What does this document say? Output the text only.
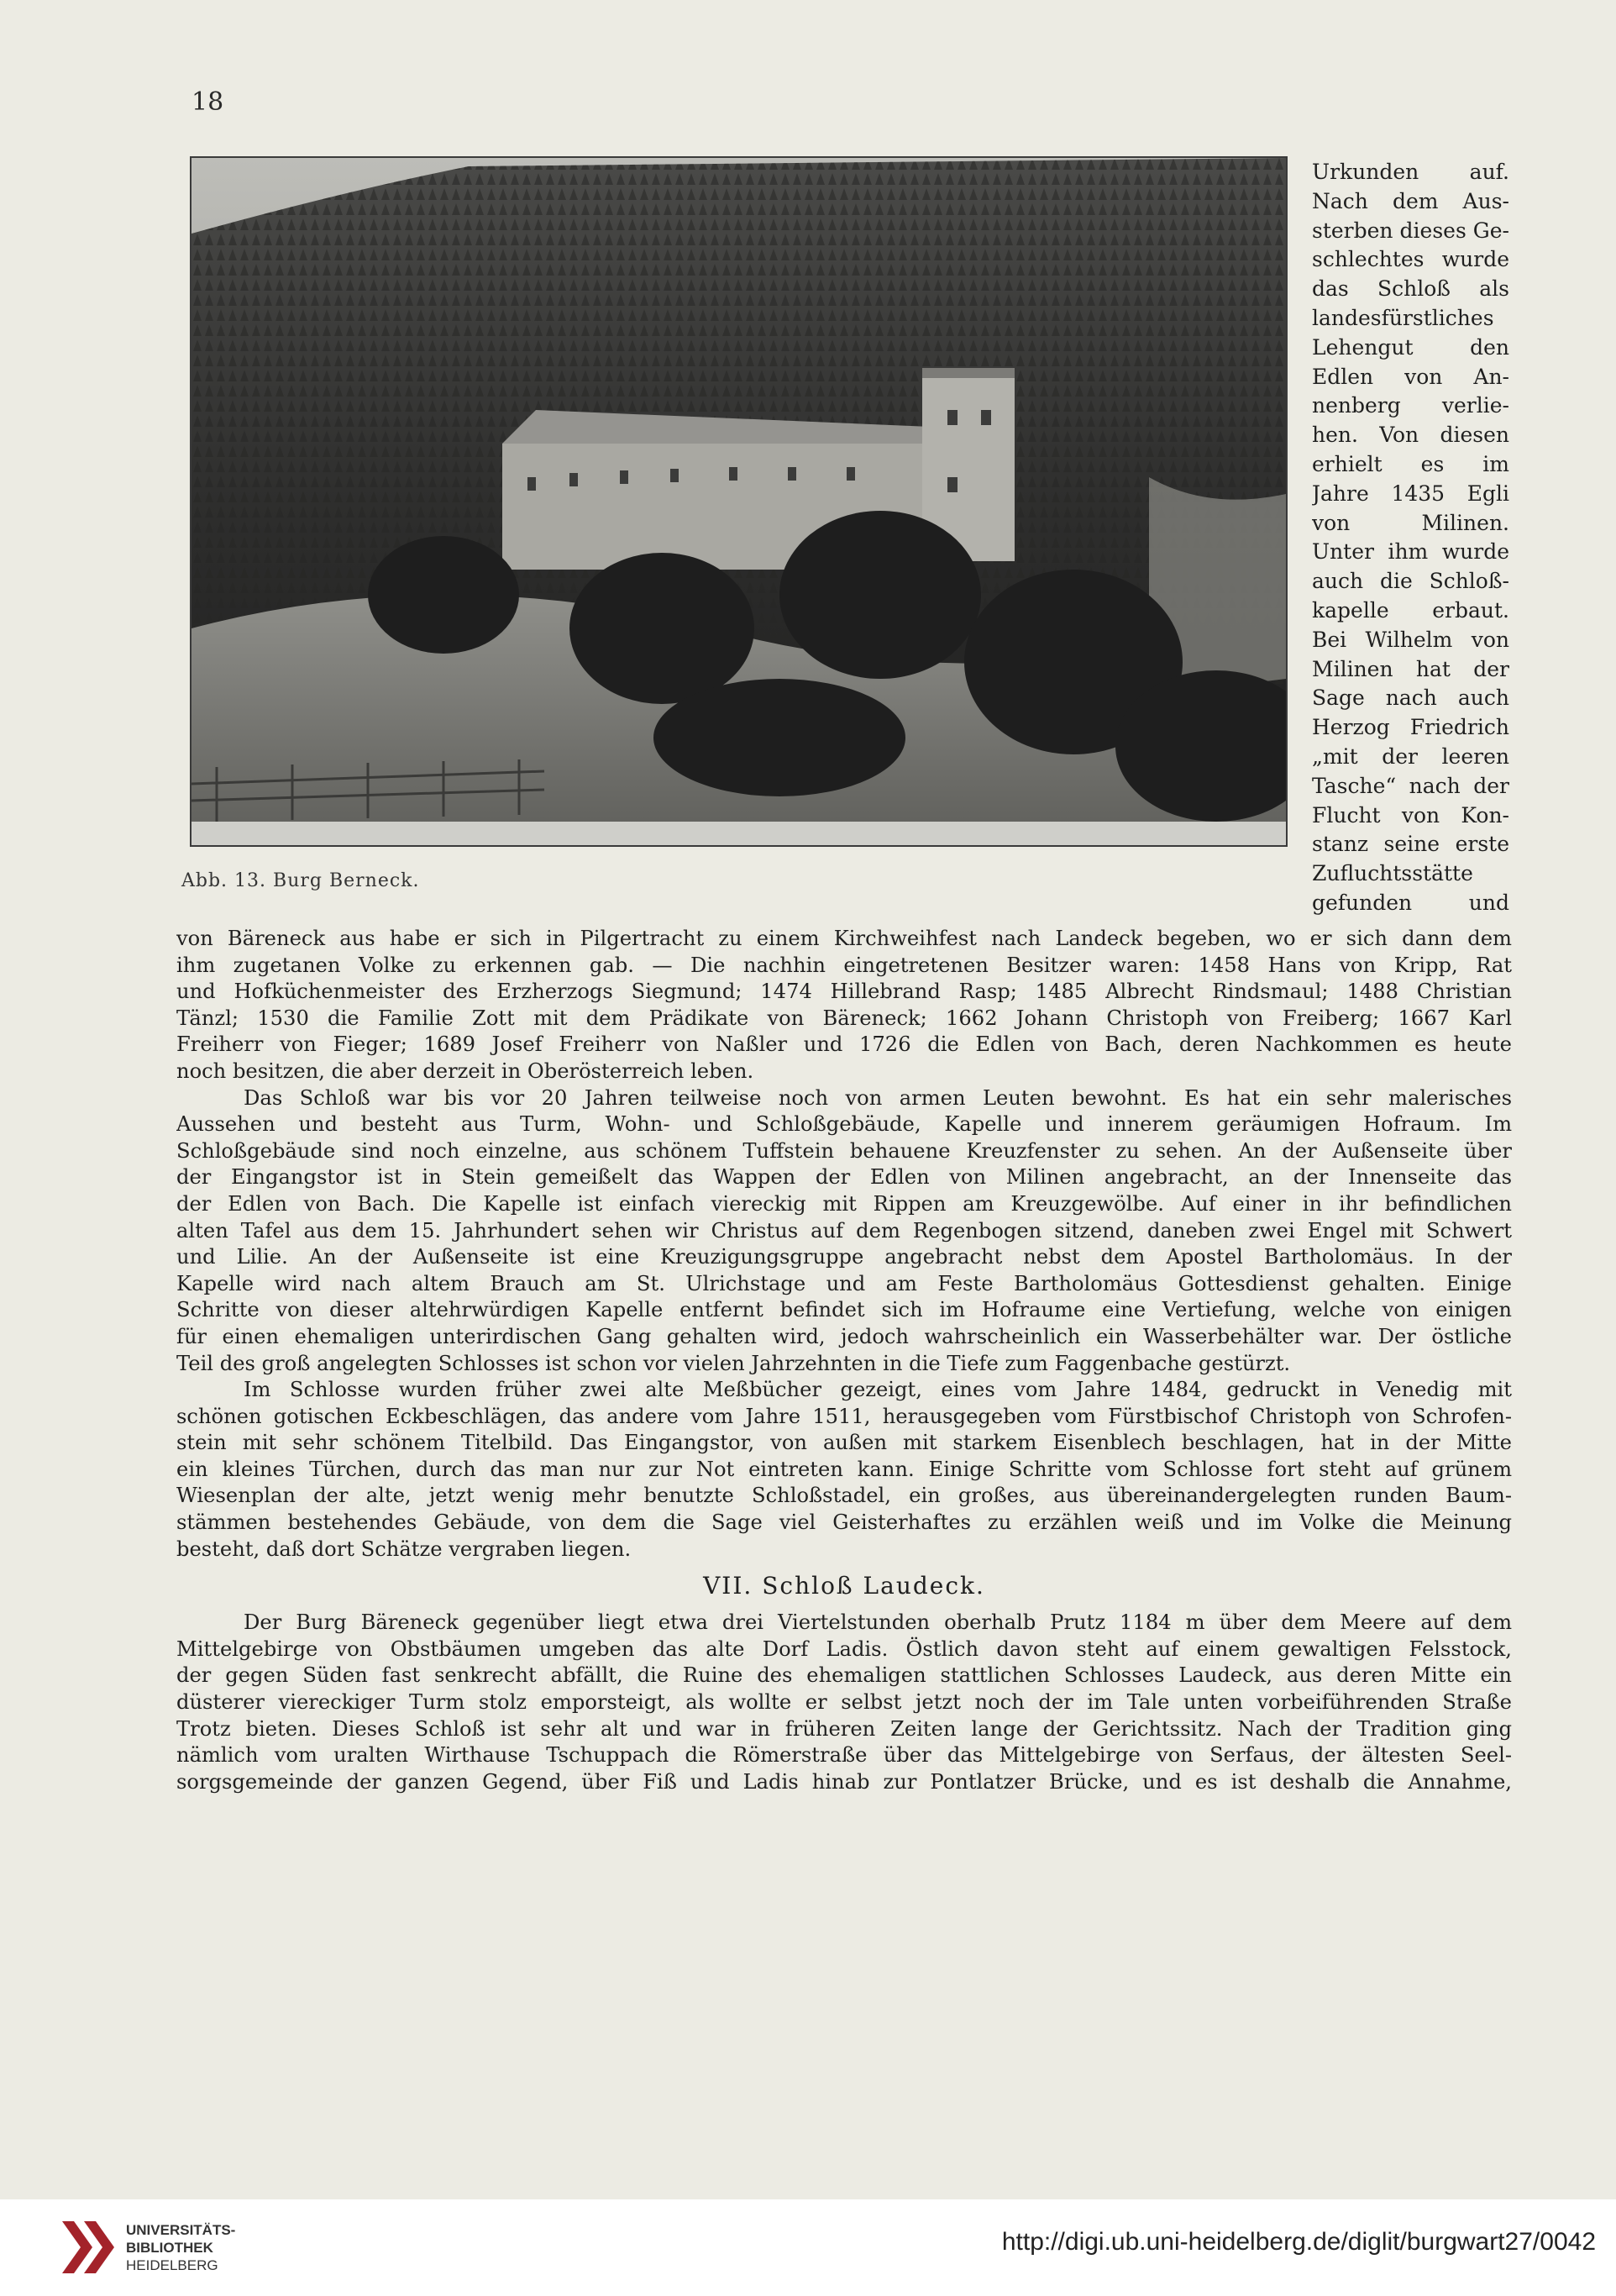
18
Abb. 13. Burg Berneck.
Urkunden auf.
Nach dem Aus-
sterben dieses Ge-
schlechtes wurde
das Schloß als
landesfürstliches
Lehengut den
Edlen von An-
nenberg verlie-
hen. Von diesen
erhielt es im
Jahre 1435 Egli
von Milinen.
Unter ihm wurde
auch die Schloß-
kapelle erbaut.
Bei Wilhelm von
Milinen hat der
Sage nach auch
Herzog Friedrich
„mit der leeren
Tasche“ nach der
Flucht von Kon-
stanz seine erste
Zufluchtsstätte
gefunden und
von Bäreneck aus habe er sich in Pilgertracht zu einem Kirchweihfest nach Landeck begeben, wo er sich dann dem
ihm zugetanen Volke zu erkennen gab. — Die nachhin eingetretenen Besitzer waren: 1458 Hans von Kripp, Rat
und Hofküchenmeister des Erzherzogs Siegmund; 1474 Hillebrand Rasp; 1485 Albrecht Rindsmaul; 1488 Christian
Tänzl; 1530 die Familie Zott mit dem Prädikate von Bäreneck; 1662 Johann Christoph von Freiberg; 1667 Karl
Freiherr von Fieger; 1689 Josef Freiherr von Naßler und 1726 die Edlen von Bach, deren Nachkommen es heute
noch besitzen, die aber derzeit in Oberösterreich leben.
Das Schloß war bis vor 20 Jahren teilweise noch von armen Leuten bewohnt. Es hat ein sehr malerisches
Aussehen und besteht aus Turm, Wohn- und Schloßgebäude, Kapelle und innerem geräumigen Hofraum. Im
Schloßgebäude sind noch einzelne, aus schönem Tuffstein behauene Kreuzfenster zu sehen. An der Außenseite über
der Eingangstor ist in Stein gemeißelt das Wappen der Edlen von Milinen angebracht, an der Innenseite das
der Edlen von Bach. Die Kapelle ist einfach viereckig mit Rippen am Kreuzgewölbe. Auf einer in ihr befindlichen
alten Tafel aus dem 15. Jahrhundert sehen wir Christus auf dem Regenbogen sitzend, daneben zwei Engel mit Schwert
und Lilie. An der Außenseite ist eine Kreuzigungsgruppe angebracht nebst dem Apostel Bartholomäus. In der
Kapelle wird nach altem Brauch am St. Ulrichstage und am Feste Bartholomäus Gottesdienst gehalten. Einige
Schritte von dieser altehrwürdigen Kapelle entfernt befindet sich im Hofraume eine Vertiefung, welche von einigen
für einen ehemaligen unterirdischen Gang gehalten wird, jedoch wahrscheinlich ein Wasserbehälter war. Der östliche
Teil des groß angelegten Schlosses ist schon vor vielen Jahrzehnten in die Tiefe zum Faggenbache gestürzt.
Im Schlosse wurden früher zwei alte Meßbücher gezeigt, eines vom Jahre 1484, gedruckt in Venedig mit
schönen gotischen Eckbeschlägen, das andere vom Jahre 1511, herausgegeben vom Fürstbischof Christoph von Schrofen-
stein mit sehr schönem Titelbild. Das Eingangstor, von außen mit starkem Eisenblech beschlagen, hat in der Mitte
ein kleines Türchen, durch das man nur zur Not eintreten kann. Einige Schritte vom Schlosse fort steht auf grünem
Wiesenplan der alte, jetzt wenig mehr benutzte Schloßstadel, ein großes, aus übereinandergelegten runden Baum-
stämmen bestehendes Gebäude, von dem die Sage viel Geisterhaftes zu erzählen weiß und im Volke die Meinung
besteht, daß dort Schätze vergraben liegen.
VII. Schloß Laudeck.
Der Burg Bäreneck gegenüber liegt etwa drei Viertelstunden oberhalb Prutz 1184 m über dem Meere auf dem
Mittelgebirge von Obstbäumen umgeben das alte Dorf Ladis. Östlich davon steht auf einem gewaltigen Felsstock,
der gegen Süden fast senkrecht abfällt, die Ruine des ehemaligen stattlichen Schlosses Laudeck, aus deren Mitte ein
düsterer viereckiger Turm stolz emporsteigt, als wollte er selbst jetzt noch der im Tale unten vorbeiführenden Straße
Trotz bieten. Dieses Schloß ist sehr alt und war in früheren Zeiten lange der Gerichtssitz. Nach der Tradition ging
nämlich vom uralten Wirthause Tschuppach die Römerstraße über das Mittelgebirge von Serfaus, der ältesten Seel-
sorgsgemeinde der ganzen Gegend, über Fiß und Ladis hinab zur Pontlatzer Brücke, und es ist deshalb die Annahme,
UNIVERSITÄTS-
BIBLIOTHEK
HEIDELBERG
http://digi.ub.uni-heidelberg.de/diglit/burgwart27/0042
